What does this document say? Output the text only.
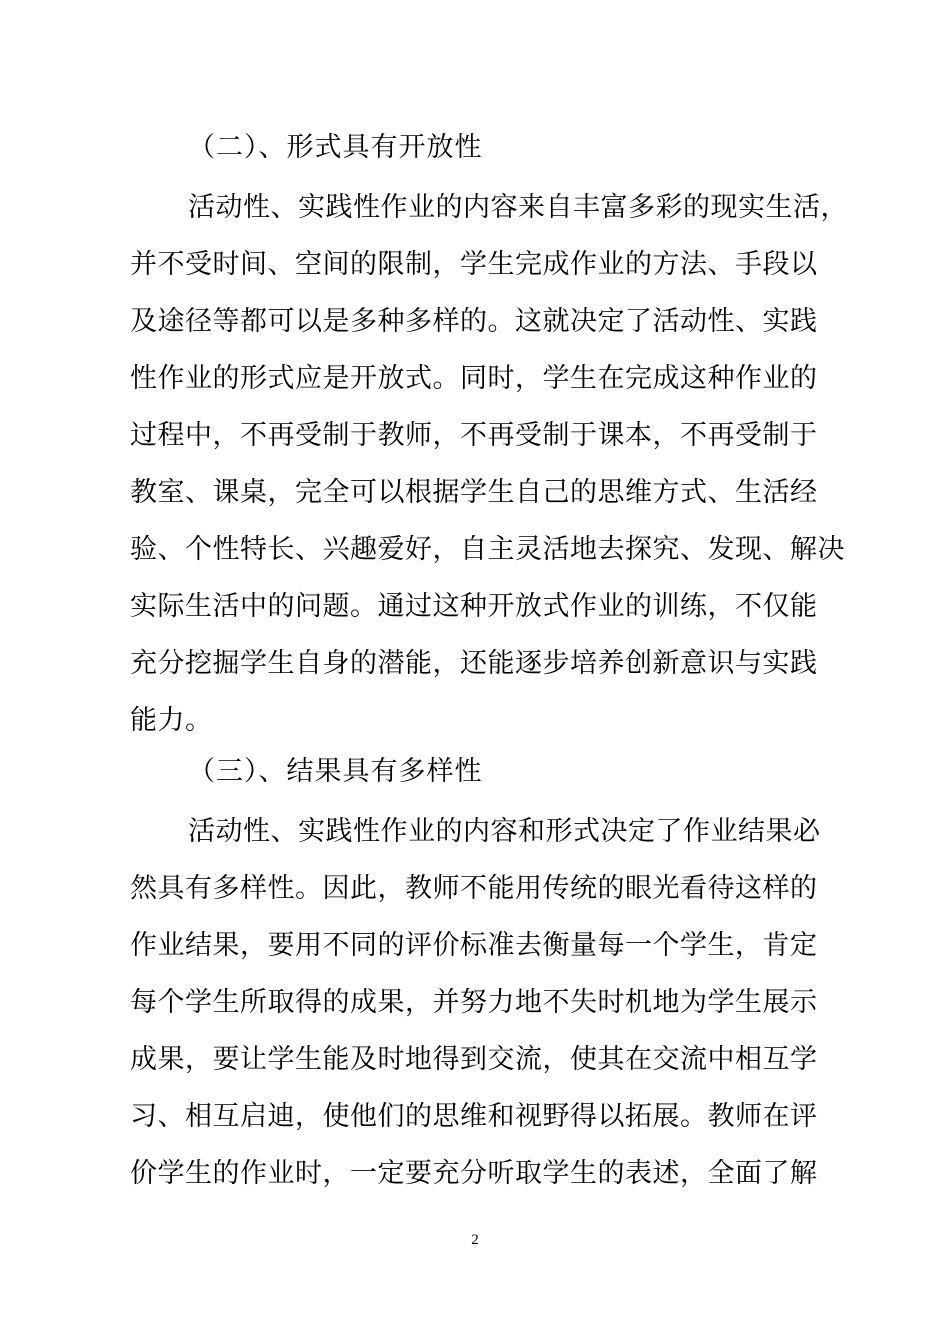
（二）、形式具有开放性
活动性、实践性作业的内容来自丰富多彩的现实生活，
并不受时间、空间的限制，学生完成作业的方法、手段以
及途径等都可以是多种多样的。这就决定了活动性、实践
性作业的形式应是开放式。同时，学生在完成这种作业的
过程中，不再受制于教师，不再受制于课本，不再受制于
教室、课桌，完全可以根据学生自己的思维方式、生活经
验、个性特长、兴趣爱好，自主灵活地去探究、发现、解决
实际生活中的问题。通过这种开放式作业的训练，不仅能
充分挖掘学生自身的潜能，还能逐步培养创新意识与实践
能力。
（三）、结果具有多样性
活动性、实践性作业的内容和形式决定了作业结果必
然具有多样性。因此，教师不能用传统的眼光看待这样的
作业结果，要用不同的评价标准去衡量每一个学生，肯定
每个学生所取得的成果，并努力地不失时机地为学生展示
成果，要让学生能及时地得到交流，使其在交流中相互学
习、相互启迪，使他们的思维和视野得以拓展。教师在评
价学生的作业时，一定要充分听取学生的表述，全面了解
2
